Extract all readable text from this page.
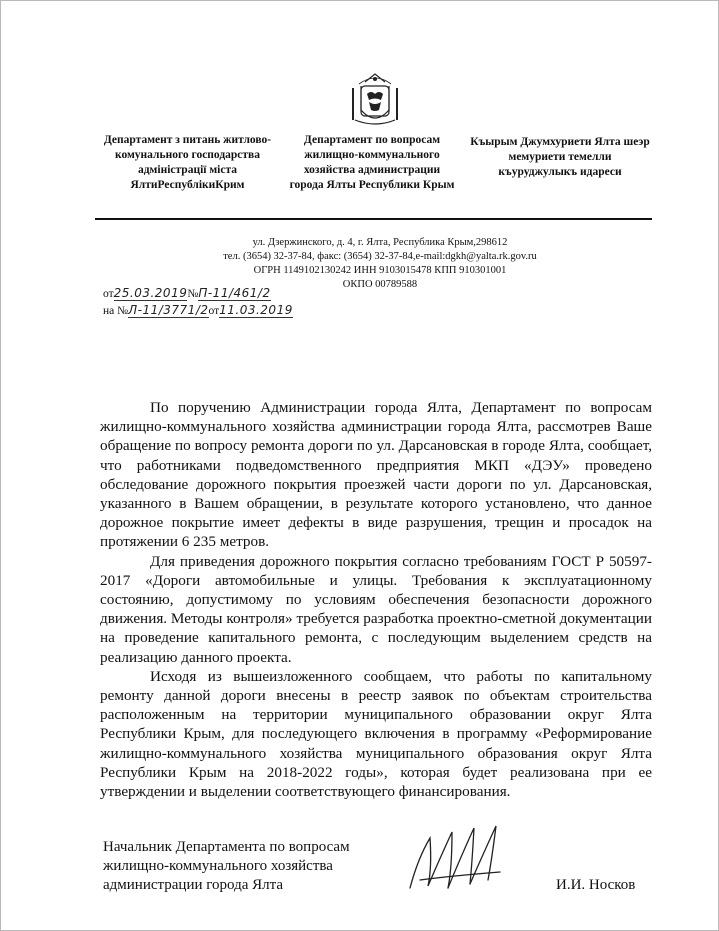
Департамент з питань житлово-комунального господарства адміністрації міста ЯлтиРеспублікиКрим
Департамент по вопросам жилищно-коммунального хозяйства администрации города Ялты Республики Крым
Къырым Джумхуриети Ялта шеэр мемуриети темелли къуруджулыкъ идареси
ул. Дзержинского, д. 4, г. Ялта, Республика Крым,298612
тел. (3654) 32-37-84, факс: (3654) 32-37-84,e-mail:dgkh@yalta.rk.gov.ru
ОГРН 1149102130242 ИНН 9103015478 КПП 910301001
ОКПО 00789588
от25.03.2019№П-11/461/2
на №Л-11/3771/2от11.03.2019

По поручению Администрации города Ялта, Департамент по вопросам жилищно-коммунального хозяйства администрации города Ялта, рассмотрев Ваше обращение по вопросу ремонта дороги по ул. Дарсановская в городе Ялта, сообщает, что работниками подведомственного предприятия МКП «ДЭУ» проведено обследование дорожного покрытия проезжей части дороги по ул. Дарсановская, указанного в Вашем обращении, в результате которого установлено, что данное дорожное покрытие имеет дефекты в виде разрушения, трещин и просадок на протяжении 6 235 метров.

Для приведения дорожного покрытия согласно требованиям ГОСТ Р 50597-2017 «Дороги автомобильные и улицы. Требования к эксплуатационному состоянию, допустимому по условиям обеспечения безопасности дорожного движения. Методы контроля» требуется разработка проектно-сметной документации на проведение капитального ремонта, с последующим выделением средств на реализацию данного проекта.

Исходя из вышеизложенного сообщаем, что работы по капитальному ремонту данной дороги внесены в реестр заявок по объектам строительства расположенным на территории муниципального образовании округ Ялта Республики Крым, для последующего включения в программу «Реформирование жилищно-коммунального хозяйства муниципального образования округ Ялта Республики Крым на 2018-2022 годы», которая будет реализована при ее утверждении и выделении соответствующего финансирования.

Начальник Департамента по вопросам
жилищно-коммунального хозяйства
администрации города Ялта	И.И. Носков
